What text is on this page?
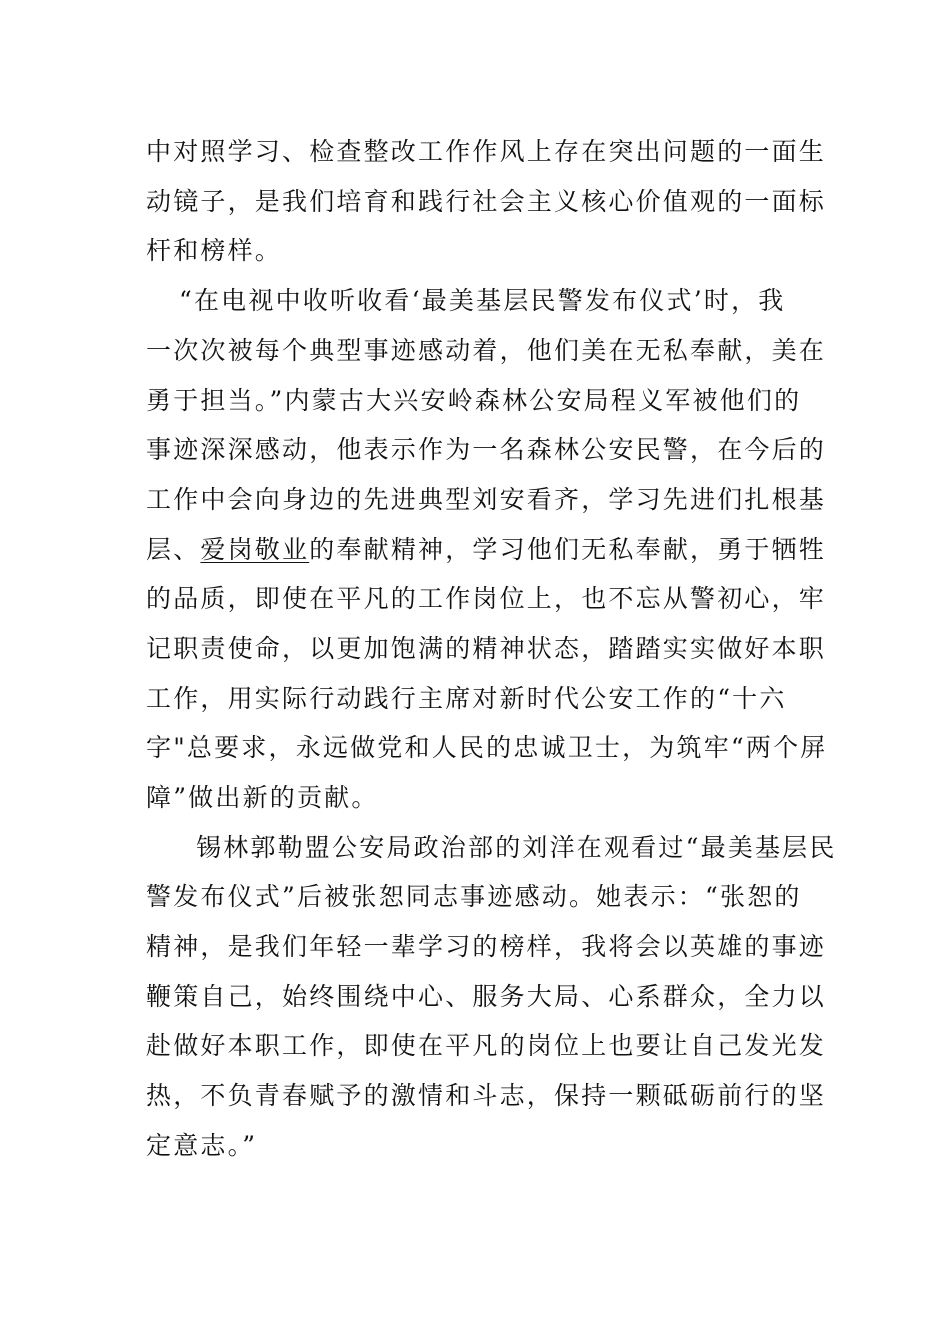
中对照学习、检查整改工作作风上存在突出问题的一面生
动镜子，是我们培育和践行社会主义核心价值观的一面标
杆和榜样。
“在电视中收听收看‘最美基层民警发布仪式’时，我
一次次被每个典型事迹感动着，他们美在无私奉献，美在
勇于担当。”内蒙古大兴安岭森林公安局程义军被他们的
事迹深深感动，他表示作为一名森林公安民警，在今后的
工作中会向身边的先进典型刘安看齐，学习先进们扎根基
层、爱岗敬业的奉献精神，学习他们无私奉献，勇于牺牲
的品质，即使在平凡的工作岗位上，也不忘从警初心，牢
记职责使命，以更加饱满的精神状态，踏踏实实做好本职
工作，用实际行动践行主席对新时代公安工作的“十六
字"总要求，永远做党和人民的忠诚卫士，为筑牢“两个屏
障”做出新的贡献。
锡林郭勒盟公安局政治部的刘洋在观看过“最美基层民
警发布仪式”后被张恕同志事迹感动。她表示：“张恕的
精神，是我们年轻一辈学习的榜样，我将会以英雄的事迹
鞭策自己，始终围绕中心、服务大局、心系群众，全力以
赴做好本职工作，即使在平凡的岗位上也要让自己发光发
热，不负青春赋予的激情和斗志，保持一颗砥砺前行的坚
定意志。”
